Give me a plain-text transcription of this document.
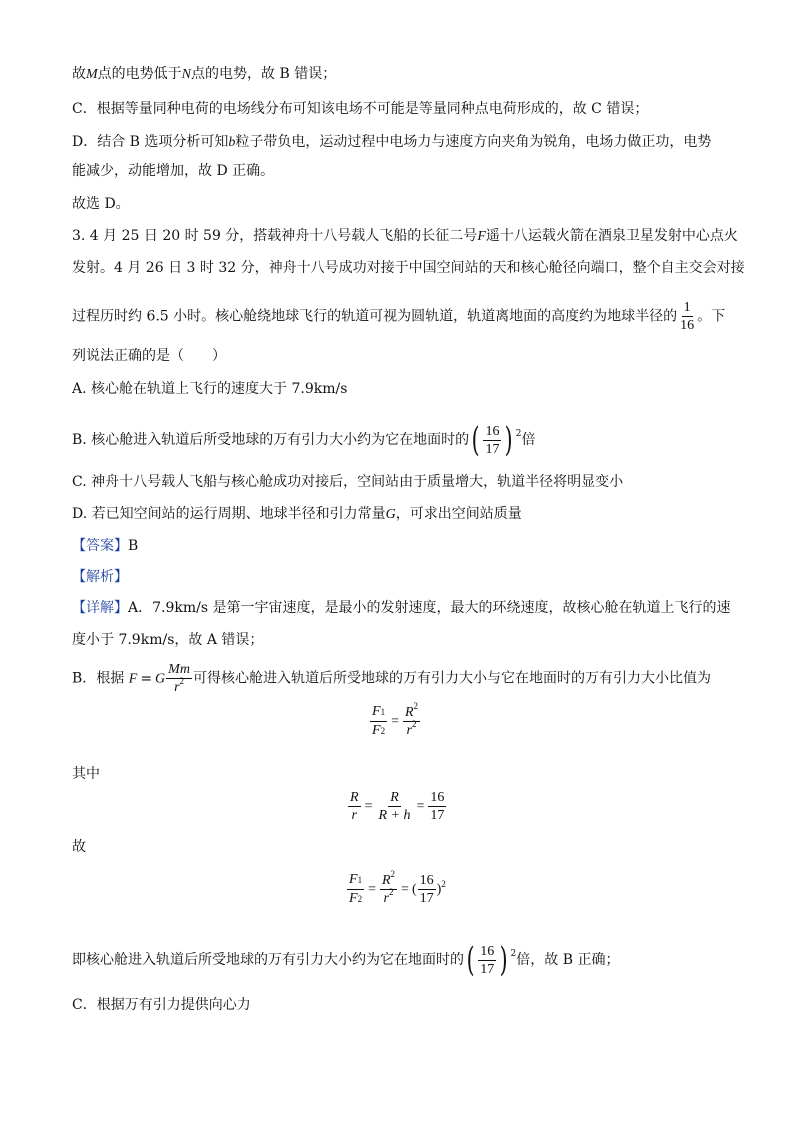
故M点的电势低于N点的电势，故 B 错误；
C．根据等量同种电荷的电场线分布可知该电场不可能是等量同种点电荷形成的，故 C 错误；
D．结合 B 选项分析可知b粒子带负电，运动过程中电场力与速度方向夹角为锐角，电场力做正功，电势
能减少，动能增加，故 D 正确。
故选 D。
3. 4 月 25 日 20 时 59 分，搭载神舟十八号载人飞船的长征二号F遥十八运载火箭在酒泉卫星发射中心点火
发射。4 月 26 日 3 时 32 分，神舟十八号成功对接于中国空间站的天和核心舱径向端口，整个自主交会对接
过程历时约 6.5 小时。核心舱绕地球飞行的轨道可视为圆轨道，轨道离地面的高度约为地球半径的 $\frac{1}{16}$ 。下
列说法正确的是（　　）
A. 核心舱在轨道上飞行的速度大于 7.9km/s
B. 核心舱进入轨道后所受地球的万有引力大小约为它在地面时的( $\frac{16}{17}$ ) $^2$倍
C. 神舟十八号载人飞船与核心舱成功对接后，空间站由于质量增大，轨道半径将明显变小
D. 若已知空间站的运行周期、地球半径和引力常量G，可求出空间站质量
【答案】B
【解析】
【详解】A．7.9km/s 是第一宇宙速度，是最小的发射速度，最大的环绕速度，故核心舱在轨道上飞行的速
度小于 7.9km/s，故 A 错误；
B．根据 F = G $\frac{Mm}{r^2}$ 可得核心舱进入轨道后所受地球的万有引力大小与它在地面时的万有引力大小比值为
$\frac{F1}{F2} = \frac{R^2}{r^2}$
其中
$\frac{R}{r} = \frac{R}{R + h} = \frac{16}{17}$
故
$\frac{F1}{F2} = \frac{R^2}{r^2}$ = ( $\frac{16}{17}$ ) 2
即核心舱进入轨道后所受地球的万有引力大小约为它在地面时的( $\frac{16}{17}$ ) $^2$倍，故 B 正确；
C．根据万有引力提供向心力
